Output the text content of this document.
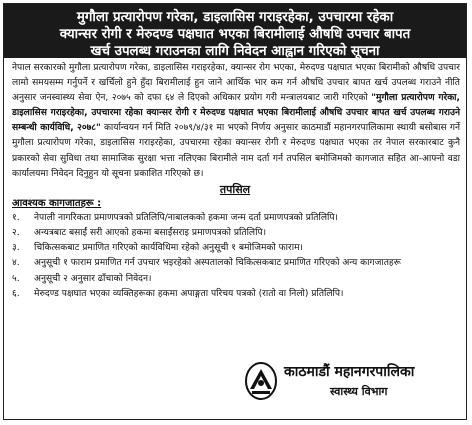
मुगौला प्रत्यारोपण गरेका, डाइलासिस गराइरहेका, उपचारमा रहेका
क्यान्सर रोगी र मेरुदण्ड पक्षघात भएका बिरामीलाई औषधि उपचार बापत
खर्च उपलब्ध गराउनका लागि निवेदन आह्वान गरिएको सूचना
नेपाल सरकारको मुगौला प्रत्यारोपण गरेका, डाइलासिस गराइरहेका, क्यान्सर रोग भएका, मेरुदण्ड पक्षघात भएका बिरामीको औषधि उपचार लामो समयसम्म गर्नुपर्ने र खर्चिलो हुने हुँदा बिरामीलाई हुन जाने आर्थिक भार कम गर्न औषधि उपचार बापत खर्च उपलब्ध गराउने नीति अनुसार जनस्वास्थ्य सेवा ऐन, २०७५ को दफा ६४ ले दिएको अधिकार प्रयोग गरी मन्त्रालयबाट जारी गरिएको "मुगौला प्रत्यारोपण गरेका, डाइलासिस गराइरहेका, उपचारमा रहेका क्यान्सर रोगी र मेरुदण्ड पक्षघात भएका बिरामीलाई औषधि उपचार बापत खर्च उपलब्ध गराउने सम्बन्धी कार्यविधि, २०७८" कार्यान्वयन गर्न मिति २०७९/४/३१ मा भएको निर्णय अनुसार काठमाडौं महानगरपालिकामा स्थायी बसोबास गर्ने मुगौला प्रत्यारोपण गरेका, डाइलासिस गराइरहेका, उपचारमा रहेका क्यान्सर रोगी र मेरुदण्ड पक्षघात भएका तर नेपाल सरकारबाट कुनै प्रकारको सेवा सुविधा तथा सामाजिक सुरक्षा भत्ता नलिएका बिरामीले नाम दर्ता गर्न तपसिल बमोजिमको कागजात सहित आ-आफ्नो वडा कार्यालयमा निवेदन दिनुहुन यो सूचना प्रकाशित गरिएको छ।
तपसिल
आवश्यक कागजातहरू :
१.	नेपाली नागरिकता प्रमाणपत्रको प्रतिलिपि/नाबालकको हकमा जन्म दर्ता प्रमाणपत्रको प्रतिलिपि।
२.	अन्यत्रबाट बसाईं सरी आएको हकमा बसाईंसराइ प्रमाणपत्रको प्रतिलिपि।
३.	चिकित्सकबाट प्रमाणित गरिएको कार्यविधिमा रहेको अनुसूची १ बमोजिमको फाराम।
४.	अनुसूची १ फाराम प्रमाणित गर्न उपचार भइरहेको अस्पतालको चिकित्सकबाट प्रमाणित गरिएको अन्य कागजातहरू
५.	अनुसूची २ अनुसार ढाँचाको निवेदन।
६.	मेरुदण्ड पक्षघात भएका व्यक्तिहरूका हकमा अपाङ्गता परिचय पत्रको (रातो वा निलो) प्रतिलिपि।
काठमाडौं महानगरपालिका
स्वास्थ्य विभाग
